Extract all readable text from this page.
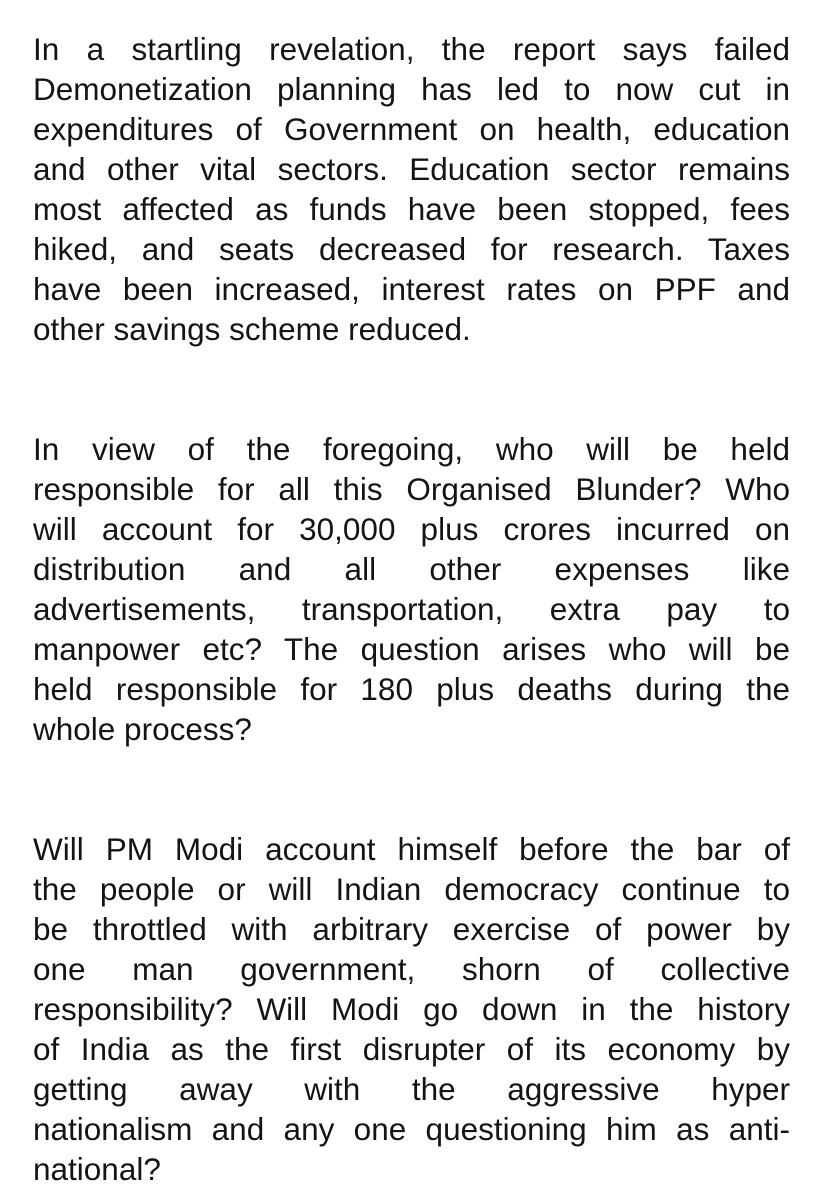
In a startling revelation, the report says failed
Demonetization planning has led to now cut in
expenditures of Government on health, education
and other vital sectors. Education sector remains
most affected as funds have been stopped, fees
hiked, and seats decreased for research. Taxes
have been increased, interest rates on PPF and
other savings scheme reduced.
In view of the foregoing, who will be held
responsible for all this Organised Blunder? Who
will account for 30,000 plus crores incurred on
distribution and all other expenses like
advertisements, transportation, extra pay to
manpower etc? The question arises who will be
held responsible for 180 plus deaths during the
whole process?
Will PM Modi account himself before the bar of
the people or will Indian democracy continue to
be throttled with arbitrary exercise of power by
one man government, shorn of collective
responsibility? Will Modi go down in the history
of India as the first disrupter of its economy by
getting away with the aggressive hyper
nationalism and any one questioning him as anti-
national?
